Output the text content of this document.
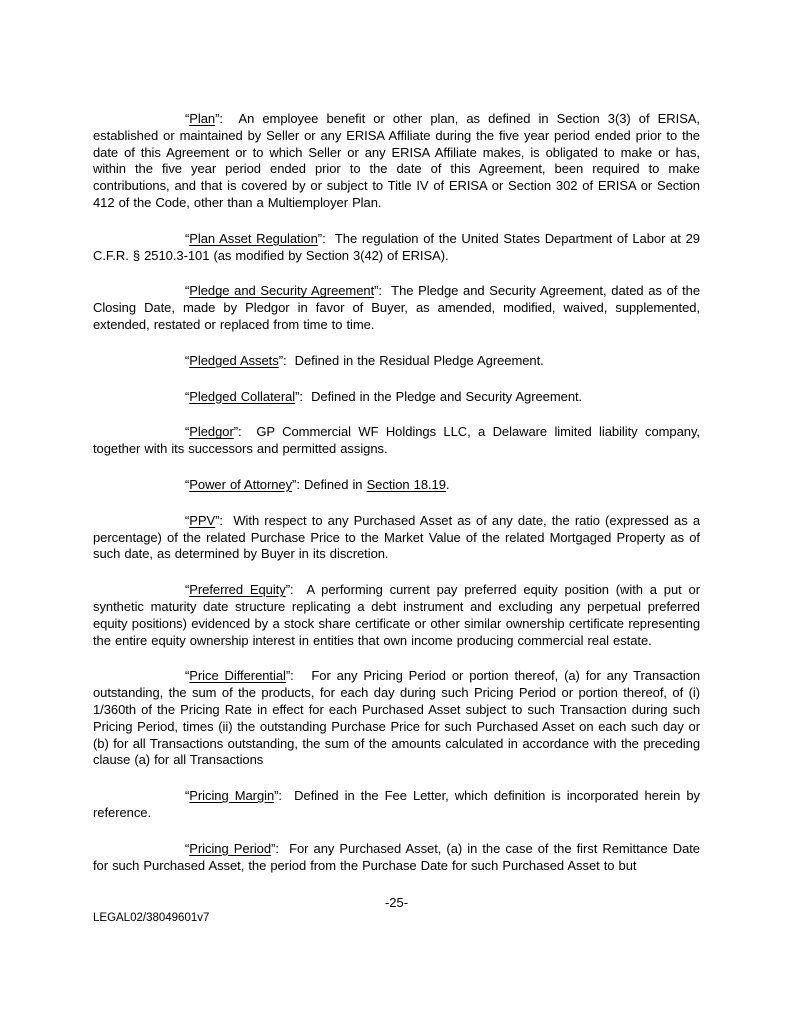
“Plan”:  An employee benefit or other plan, as defined in Section 3(3) of ERISA, established or maintained by Seller or any ERISA Affiliate during the five year period ended prior to the date of this Agreement or to which Seller or any ERISA Affiliate makes, is obligated to make or has, within the five year period ended prior to the date of this Agreement, been required to make contributions, and that is covered by or subject to Title IV of ERISA or Section 302 of ERISA or Section 412 of the Code, other than a Multiemployer Plan.

“Plan Asset Regulation”:  The regulation of the United States Department of Labor at 29 C.F.R. § 2510.3-101 (as modified by Section 3(42) of ERISA).

“Pledge and Security Agreement”:  The Pledge and Security Agreement, dated as of the Closing Date, made by Pledgor in favor of Buyer, as amended, modified, waived, supplemented, extended, restated or replaced from time to time.

“Pledged Assets”:  Defined in the Residual Pledge Agreement.

“Pledged Collateral”:  Defined in the Pledge and Security Agreement.

“Pledgor”:  GP Commercial WF Holdings LLC, a Delaware limited liability company, together with its successors and permitted assigns.

“Power of Attorney”: Defined in Section 18.19.

“PPV”:  With respect to any Purchased Asset as of any date, the ratio (expressed as a percentage) of the related Purchase Price to the Market Value of the related Mortgaged Property as of such date, as determined by Buyer in its discretion.

“Preferred Equity”:  A performing current pay preferred equity position (with a put or synthetic maturity date structure replicating a debt instrument and excluding any perpetual preferred equity positions) evidenced by a stock share certificate or other similar ownership certificate representing the entire equity ownership interest in entities that own income producing commercial real estate.

“Price Differential”:   For any Pricing Period or portion thereof, (a) for any Transaction outstanding, the sum of the products, for each day during such Pricing Period or portion thereof, of (i) 1/360th of the Pricing Rate in effect for each Purchased Asset subject to such Transaction during such Pricing Period, times (ii) the outstanding Purchase Price for such Purchased Asset on each such day or (b) for all Transactions outstanding, the sum of the amounts calculated in accordance with the preceding clause (a) for all Transactions

“Pricing Margin”:  Defined in the Fee Letter, which definition is incorporated herein by reference.

“Pricing Period”:  For any Purchased Asset, (a) in the case of the first Remittance Date for such Purchased Asset, the period from the Purchase Date for such Purchased Asset to but

-25-
LEGAL02/38049601v7
